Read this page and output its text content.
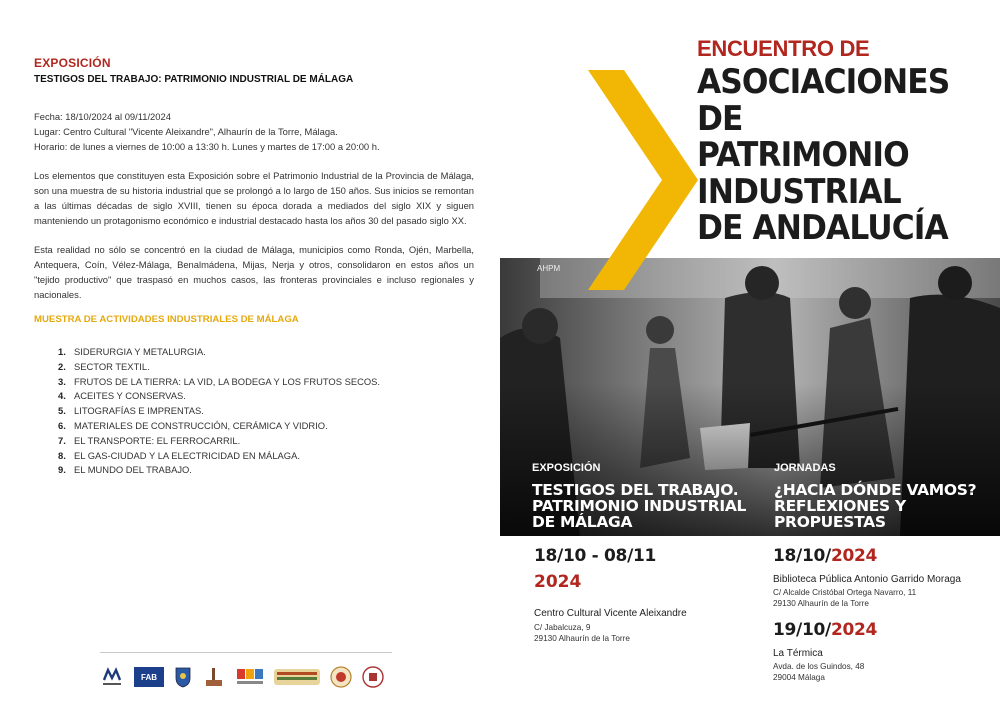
EXPOSICIÓN
TESTIGOS DEL TRABAJO: PATRIMONIO INDUSTRIAL DE MÁLAGA
Fecha: 18/10/2024 al 09/11/2024
Lugar: Centro Cultural "Vicente Aleixandre", Alhaurín de la Torre, Málaga.
Horario: de lunes a viernes de 10:00 a 13:30 h. Lunes y martes de 17:00 a 20:00 h.

Los elementos que constituyen esta Exposición sobre el Patrimonio Industrial de la Provincia de Málaga, son una muestra de su historia industrial que se prolongó a lo largo de 150 años. Sus inicios se remontan a las últimas décadas de siglo XVIII, tienen su época dorada a mediados del siglo XIX y siguen manteniendo un protagonismo económico e industrial destacado hasta los años 30 del pasado siglo XX.

Esta realidad no sólo se concentró en la ciudad de Málaga, municipios como Ronda, Ojén, Marbella, Antequera, Coín, Vélez-Málaga, Benalmádena, Mijas, Nerja y otros, consolidaron en estos años un "tejido productivo" que traspasó en muchos casos, las fronteras provinciales e incluso regionales y nacionales.

MUESTRA DE ACTIVIDADES INDUSTRIALES DE MÁLAGA
1. SIDERURGIA Y METALURGIA.
2. SECTOR TEXTIL.
3. FRUTOS DE LA TIERRA: LA VID, LA BODEGA Y LOS FRUTOS SECOS.
4. ACEITES Y CONSERVAS.
5. LITOGRAFÍAS E IMPRENTAS.
6. MATERIALES DE CONSTRUCCIÓN, CERÁMICA Y VIDRIO.
7. EL TRANSPORTE: EL FERROCARRIL.
8. EL GAS-CIUDAD Y LA ELECTRICIDAD EN MÁLAGA.
9. EL MUNDO DEL TRABAJO.
FAB
ENCUENTRO DE
ASOCIACIONES
DE
PATRIMONIO
INDUSTRIAL
DE ANDALUCÍA
AHPM
EXPOSICIÓN
TESTIGOS DEL TRABAJO.
PATRIMONIO INDUSTRIAL
DE MÁLAGA
JORNADAS
¿HACIA DÓNDE VAMOS?
REFLEXIONES Y
PROPUESTAS
18/10 - 08/11
2024
Centro Cultural Vicente Aleixandre
C/ Jabalcuza, 9
29130 Alhaurín de la Torre
18/10/2024
Biblioteca Pública Antonio Garrido Moraga
C/ Alcalde Cristóbal Ortega Navarro, 11
29130 Alhaurín de la Torre
19/10/2024
La Térmica
Avda. de los Guindos, 48
29004 Málaga
